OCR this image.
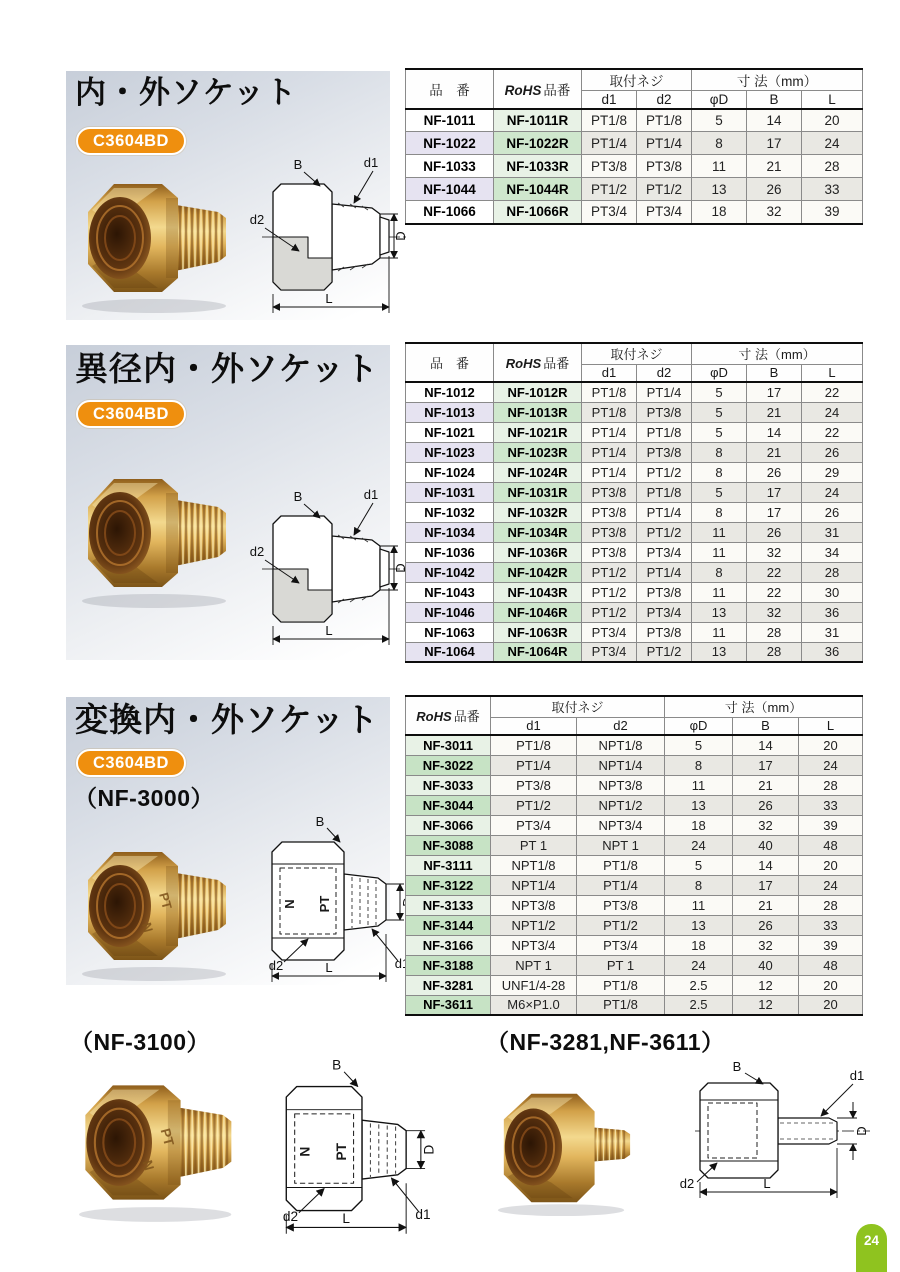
内・外ソケット
C3604BD
品　番	RoHS 品番	取付ネジ		寸 法（mm）		
		d1	d2	φD	B	L
NF-1011	NF-1011R	PT1/8	PT1/8	5	14	20
NF-1022	NF-1022R	PT1/4	PT1/4	8	17	24
NF-1033	NF-1033R	PT3/8	PT3/8	11	21	28
NF-1044	NF-1044R	PT1/2	PT1/2	13	26	33
NF-1066	NF-1066R	PT3/4	PT3/4	18	32	39
異径内・外ソケット
C3604BD
品　番	RoHS 品番	取付ネジ		寸 法（mm）		
		d1	d2	φD	B	L
NF-1012	NF-1012R	PT1/8	PT1/4	5	17	22
NF-1013	NF-1013R	PT1/8	PT3/8	5	21	24
NF-1021	NF-1021R	PT1/4	PT1/8	5	14	22
NF-1023	NF-1023R	PT1/4	PT3/8	8	21	26
NF-1024	NF-1024R	PT1/4	PT1/2	8	26	29
NF-1031	NF-1031R	PT3/8	PT1/8	5	17	24
NF-1032	NF-1032R	PT3/8	PT1/4	8	17	26
NF-1034	NF-1034R	PT3/8	PT1/2	11	26	31
NF-1036	NF-1036R	PT3/8	PT3/4	11	32	34
NF-1042	NF-1042R	PT1/2	PT1/4	8	22	28
NF-1043	NF-1043R	PT1/2	PT3/8	11	22	30
NF-1046	NF-1046R	PT1/2	PT3/4	13	32	36
NF-1063	NF-1063R	PT3/4	PT3/8	11	28	31
NF-1064	NF-1064R	PT3/4	PT1/2	13	28	36
変換内・外ソケット
C3604BD
（NF-3000）
RoHS 品番	取付ネジ		寸 法（mm）		
	d1	d2	φD	B	L
NF-3011	PT1/8	NPT1/8	5	14	20
NF-3022	PT1/4	NPT1/4	8	17	24
NF-3033	PT3/8	NPT3/8	11	21	28
NF-3044	PT1/2	NPT1/2	13	26	33
NF-3066	PT3/4	NPT3/4	18	32	39
NF-3088	PT 1	NPT 1	24	40	48
NF-3111	NPT1/8	PT1/8	5	14	20
NF-3122	NPT1/4	PT1/4	8	17	24
NF-3133	NPT3/8	PT3/8	11	21	28
NF-3144	NPT1/2	PT1/2	13	26	33
NF-3166	NPT3/4	PT3/4	18	32	39
NF-3188	NPT 1	PT 1	24	40	48
NF-3281	UNF1/4-28	PT1/8	2.5	12	20
NF-3611	M6×P1.0	PT1/8	2.5	12	20
（NF-3100）	（NF-3281,NF-3611）
24
